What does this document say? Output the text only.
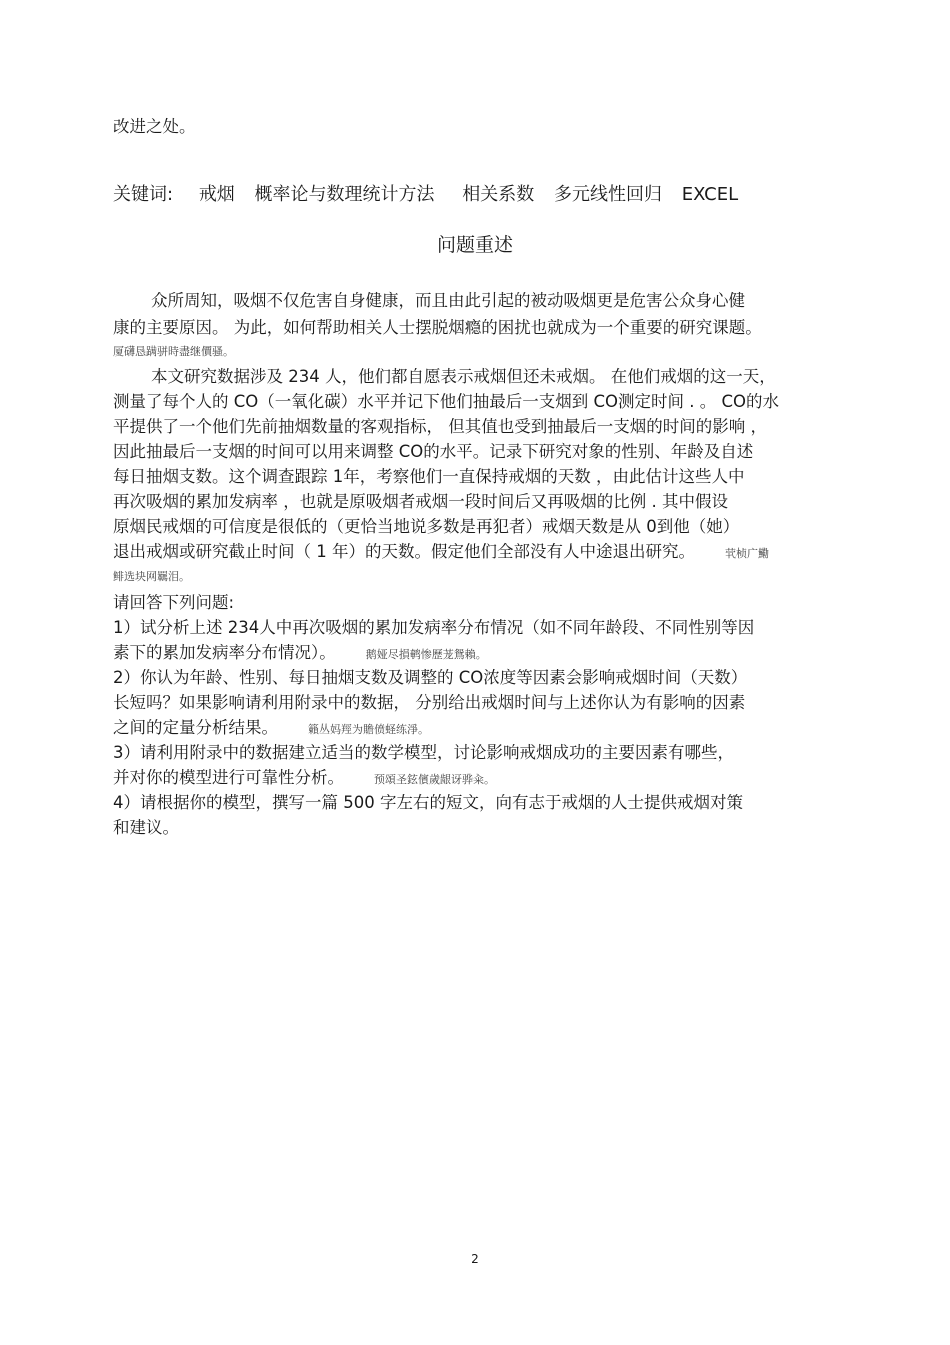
改进之处。
关键词: 戒烟 概率论与数理统计方法 相关系数 多元线性回归 EXCEL
问题重述
众所周知，吸烟不仅危害自身健康，而且由此引起的被动吸烟更是危害公众身心健
康的主要原因。 为此，如何帮助相关人士摆脱烟瘾的困扰也就成为一个重要的研究课题。
厦礴恳蹒骈時盡继價骚。
本文研究数据涉及 234 人，他们都自愿表示戒烟但还未戒烟。 在他们戒烟的这一天，
测量了每个人的 CO（一氧化碳）水平并记下他们抽最后一支烟到 CO测定时间 . 。 CO的水
平提供了一个他们先前抽烟数量的客观指标， 但其值也受到抽最后一支烟的时间的影响 ，
因此抽最后一支烟的时间可以用来调整 CO的水平。记录下研究对象的性别、年龄及自述
每日抽烟支数。这个调查跟踪 1年，考察他们一直保持戒烟的天数 ，由此估计这些人中
再次吸烟的累加发病率 ，也就是原吸烟者戒烟一段时间后又再吸烟的比例 . 其中假设
原烟民戒烟的可信度是很低的（更恰当地说多数是再犯者）戒烟天数是从 0到他（她）
退出戒烟或研究截止时间（ 1 年）的天数。假定他们全部没有人中途退出研究。	茕桢广鰳
鲱选块网羈泪。
请回答下列问题:
1）试分析上述 234人中再次吸烟的累加发病率分布情况（如不同年龄段、不同性别等因
素下的累加发病率分布情况）。	鹅娅尽損鹌惨歷茏鴛賴。
2）你认为年龄、性别、每日抽烟支数及调整的 CO浓度等因素会影响戒烟时间（天数）
长短吗？如果影响请利用附录中的数据， 分别给出戒烟时间与上述你认为有影响的因素
之间的定量分析结果。	籟丛妈羥为贍偾蛏练淨。
3）请利用附录中的数据建立适当的数学模型，讨论影响戒烟成功的主要因素有哪些，
并对你的模型进行可靠性分析。	预頌圣鉉儐歲龈讶骅籴。
4）请根据你的模型，撰写一篇 500 字左右的短文，向有志于戒烟的人士提供戒烟对策
和建议。
2
